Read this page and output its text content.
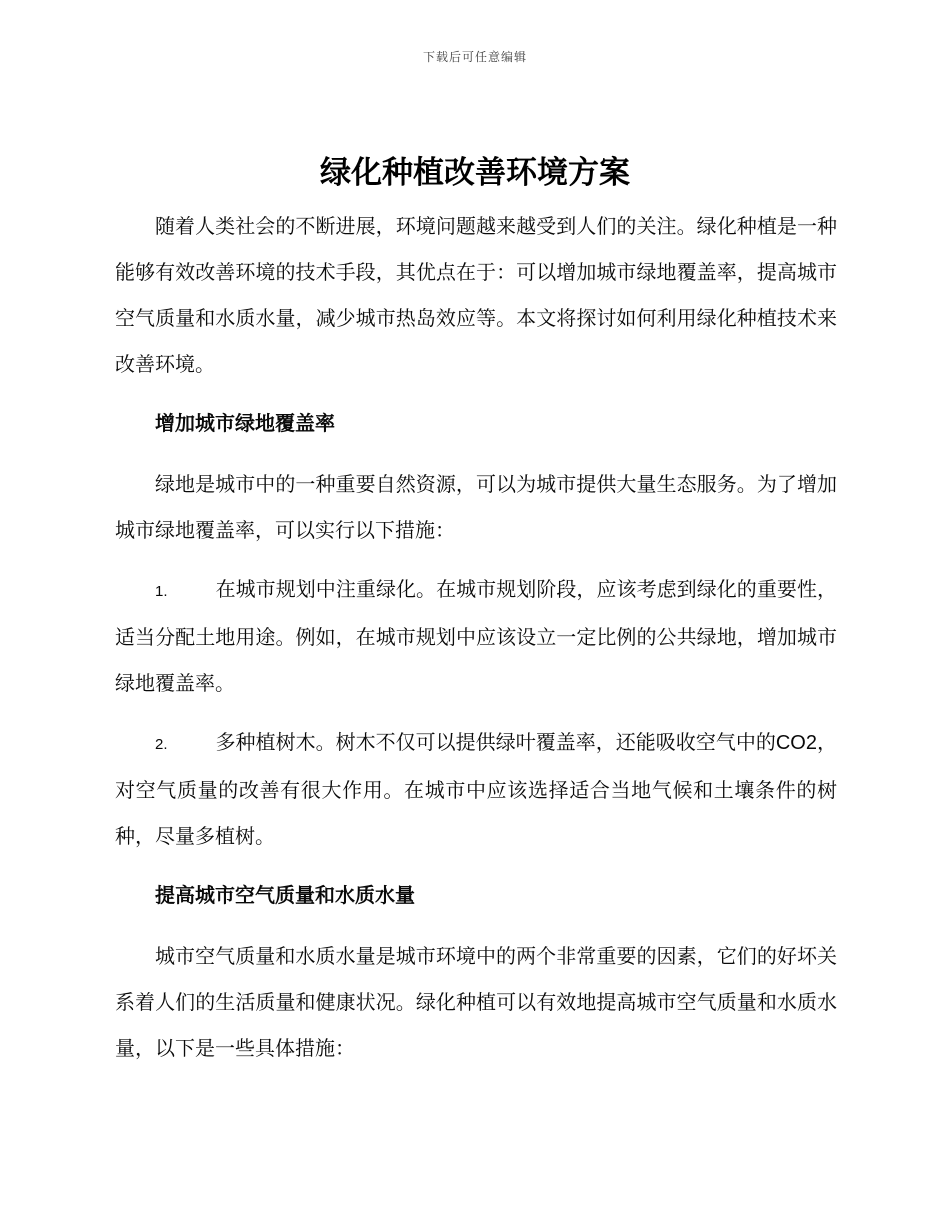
下载后可任意编辑
绿化种植改善环境方案

随着人类社会的不断进展，环境问题越来越受到人们的关注。绿化种植是一种能够有效改善环境的技术手段，其优点在于：可以增加城市绿地覆盖率，提高城市空气质量和水质水量，减少城市热岛效应等。本文将探讨如何利用绿化种植技术来改善环境。

增加城市绿地覆盖率

绿地是城市中的一种重要自然资源，可以为城市提供大量生态服务。为了增加城市绿地覆盖率，可以实行以下措施：

1. 在城市规划中注重绿化。在城市规划阶段，应该考虑到绿化的重要性，适当分配土地用途。例如，在城市规划中应该设立一定比例的公共绿地，增加城市绿地覆盖率。

2. 多种植树木。树木不仅可以提供绿叶覆盖率，还能吸收空气中的CO2，对空气质量的改善有很大作用。在城市中应该选择适合当地气候和土壤条件的树种，尽量多植树。

提高城市空气质量和水质水量

城市空气质量和水质水量是城市环境中的两个非常重要的因素，它们的好坏关系着人们的生活质量和健康状况。绿化种植可以有效地提高城市空气质量和水质水量，以下是一些具体措施：
